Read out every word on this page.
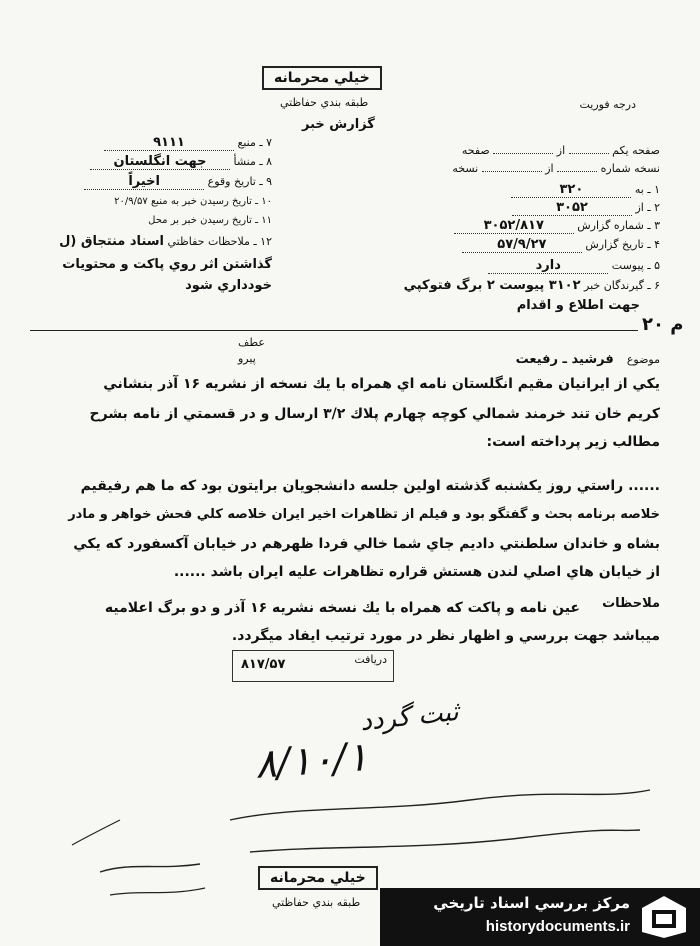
خيلي محرمانه
طبقه بندي حفاظتي	درجه فوريت
گزارش خبر
صفحه يكم  از  صفحه
نسخه شماره  از  نسخه
۱ ـ به ۳۲۰
۲ ـ از ۳۰۵۲
۳ ـ شماره گزارش ۳۰۵۲/۸۱۷
۴ ـ تاريخ گزارش ۵۷/۹/۲۷
۵ ـ پيوست دارد
۶ ـ گيرندگان خبر ۳۱۰۲ پيوست ۲ برگ فتوكپي
جهت اطلاع و اقدام
۷ ـ منبع ۹۱۱۱
۸ ـ منشأ جهت انگلستان
۹ ـ تاريخ وقوع اخيراً
۱۰ ـ تاريخ رسيدن خبر به منبع ۲۰/۹/۵۷
۱۱ ـ تاريخ رسيدن خبر بر محل
۱۲ ـ ملاحظات حفاظتي اسناد منتجاق (ل
گذاشتن اثر روي پاكت و محتويات
خودداري شود
۲۰ م
عطف
پيرو	موضوع فرشيد ـ رفيعت
يكي از ايرانيان مقيم انگلستان نامه اي همراه با يك نسخه از نشريه ۱۶ آذر بنشاني
كريم خان تند خرمند شمالي كوچه چهارم پلاك ۳/۲ ارسال و در قسمتي از نامه بشرح
مطالب زير پرداخته است:
...... راستي روز يكشنبه گذشته اولين جلسه دانشجويان برايتون بود كه ما هم رفيقيم
خلاصه برنامه بحث و گفتگو بود و فيلم از تظاهرات اخير ايران خلاصه كلي فحش خواهر و مادر
بشاه و خاندان سلطنتي دادیم جاي شما خالي فردا ظهرهم در خيابان آكسفورد كه يكي
از خيابان هاي اصلي لندن هستش قراره تظاهرات عليه ايران باشد ......
ملاحظات
عين نامه و پاكت كه همراه با يك نسخه نشريه ۱۶ آذر و دو برگ اعلاميه
ميباشد جهت بررسي و اظهار نظر در مورد ترتيب ايفاد ميگردد.
دريافت
۸۱۷/۵۷
ثبت گردد
۸/۱۰/۱
خيلي محرمانه
طبقه بندي حفاظتي	مركز بررسي اسناد تاريخي
historydocuments.ir
